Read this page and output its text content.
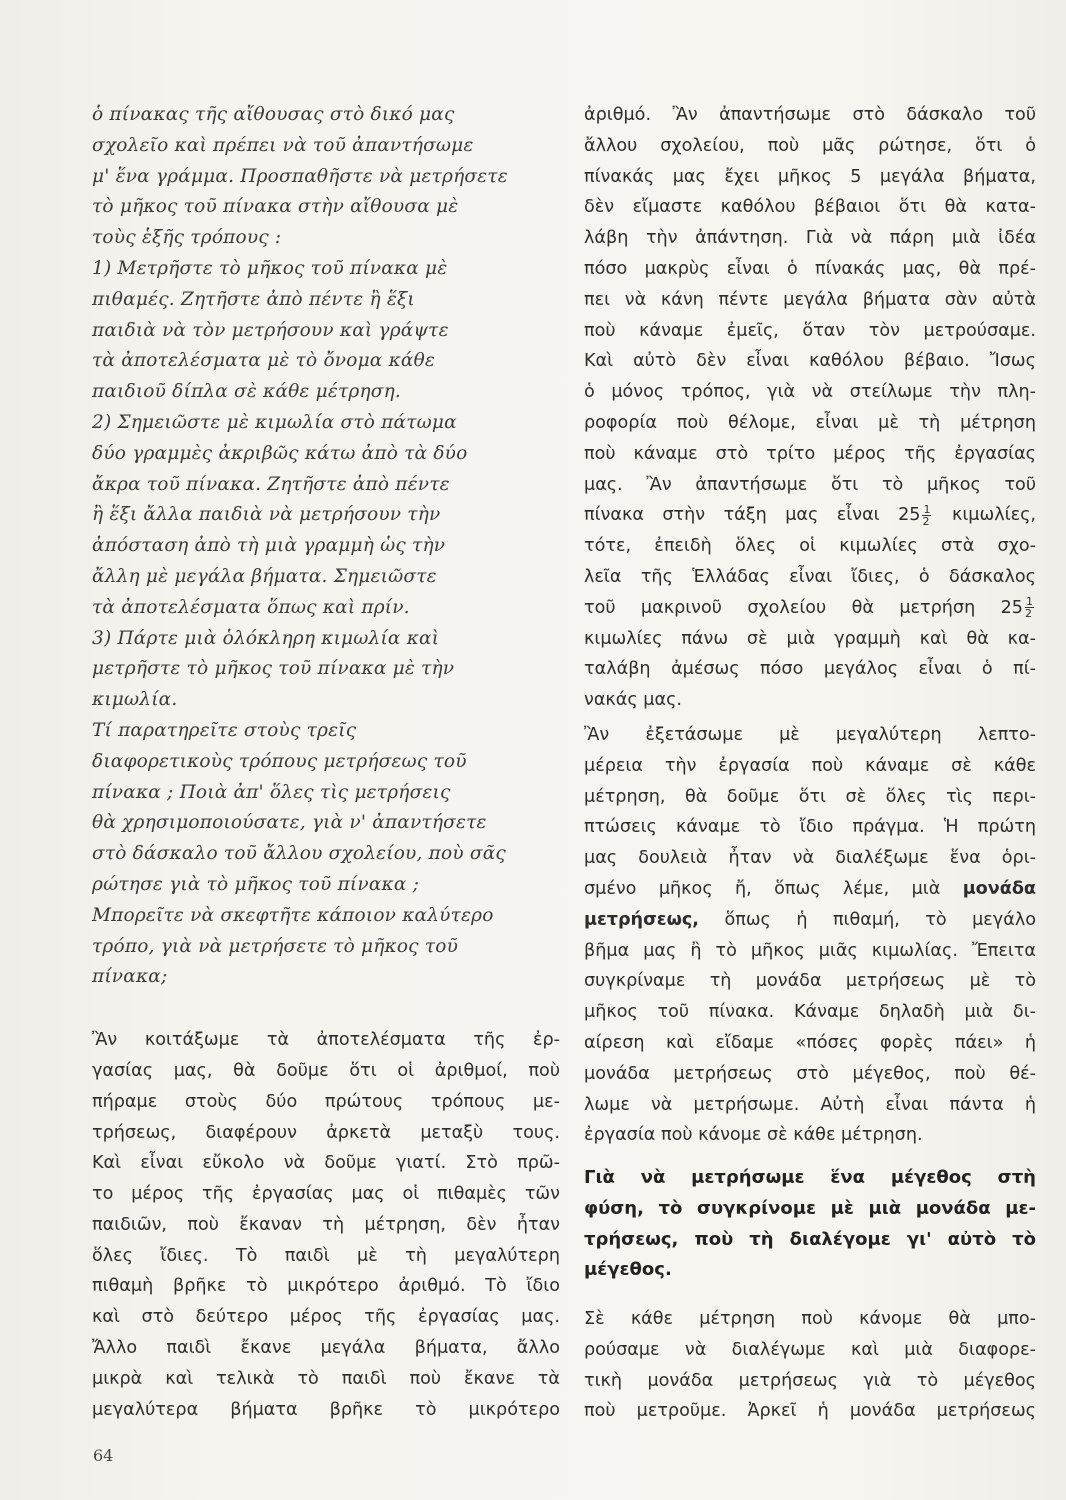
ὁ πίνακας τῆς αἴθουσας στὸ δικό μας
σχολεῖο καὶ πρέπει νὰ τοῦ ἀπαντήσωμε
μ' ἕνα γράμμα. Προσπαθῆστε νὰ μετρήσετε
τὸ μῆκος τοῦ πίνακα στὴν αἴθουσα μὲ
τοὺς ἑξῆς τρόπους :
1) Μετρῆστε τὸ μῆκος τοῦ πίνακα μὲ
πιθαμές. Ζητῆστε ἀπὸ πέντε ἢ ἕξι
παιδιὰ νὰ τὸν μετρήσουν καὶ γράψτε
τὰ ἀποτελέσματα μὲ τὸ ὄνομα κάθε
παιδιοῦ δίπλα σὲ κάθε μέτρηση.
2) Σημειῶστε μὲ κιμωλία στὸ πάτωμα
δύο γραμμὲς ἀκριβῶς κάτω ἀπὸ τὰ δύο
ἄκρα τοῦ πίνακα. Ζητῆστε ἀπὸ πέντε
ἢ ἕξι ἄλλα παιδιὰ νὰ μετρήσουν τὴν
ἀπόσταση ἀπὸ τὴ μιὰ γραμμὴ ὡς τὴν
ἄλλη μὲ μεγάλα βήματα. Σημειῶστε
τὰ ἀποτελέσματα ὅπως καὶ πρίν.
3) Πάρτε μιὰ ὁλόκληρη κιμωλία καὶ
μετρῆστε τὸ μῆκος τοῦ πίνακα μὲ τὴν
κιμωλία.
Τί παρατηρεῖτε στοὺς τρεῖς
διαφορετικοὺς τρόπους μετρήσεως τοῦ
πίνακα ; Ποιὰ ἀπ' ὅλες τὶς μετρήσεις
θὰ χρησιμοποιούσατε, γιὰ ν' ἀπαντήσετε
στὸ δάσκαλο τοῦ ἄλλου σχολείου, ποὺ σᾶς
ρώτησε γιὰ τὸ μῆκος τοῦ πίνακα ;
Μπορεῖτε νὰ σκεφτῆτε κάποιον καλύτερο
τρόπο, γιὰ νὰ μετρήσετε τὸ μῆκος τοῦ
πίνακα;
Ἂν κοιτάξωμε τὰ ἀποτελέσματα τῆς ἐρ-
γασίας μας, θὰ δοῦμε ὅτι οἱ ἀριθμοί, ποὺ
πήραμε στοὺς δύο πρώτους τρόπους με-
τρήσεως, διαφέρουν ἀρκετὰ μεταξὺ τους.
Καὶ εἶναι εὔκολο νὰ δοῦμε γιατί. Στὸ πρῶ-
το μέρος τῆς ἐργασίας μας οἱ πιθαμὲς τῶν
παιδιῶν, ποὺ ἔκαναν τὴ μέτρηση, δὲν ἦταν
ὅλες ἴδιες. Τὸ παιδὶ μὲ τὴ μεγαλύτερη
πιθαμὴ βρῆκε τὸ μικρότερο ἀριθμό. Τὸ ἴδιο
καὶ στὸ δεύτερο μέρος τῆς ἐργασίας μας.
Ἄλλο παιδὶ ἔκανε μεγάλα βήματα, ἄλλο
μικρὰ καὶ τελικὰ τὸ παιδὶ ποὺ ἔκανε τὰ
μεγαλύτερα βήματα βρῆκε τὸ μικρότερο
ἀριθμό. Ἂν ἀπαντήσωμε στὸ δάσκαλο τοῦ
ἄλλου σχολείου, ποὺ μᾶς ρώτησε, ὅτι ὁ
πίνακάς μας ἔχει μῆκος 5 μεγάλα βήματα,
δὲν εἴμαστε καθόλου βέβαιοι ὅτι θὰ κατα-
λάβη τὴν ἀπάντηση. Γιὰ νὰ πάρη μιὰ ἰδέα
πόσο μακρὺς εἶναι ὁ πίνακάς μας, θὰ πρέ-
πει νὰ κάνη πέντε μεγάλα βήματα σὰν αὐτὰ
ποὺ κάναμε ἐμεῖς, ὅταν τὸν μετρούσαμε.
Καὶ αὐτὸ δὲν εἶναι καθόλου βέβαιο. Ἴσως
ὁ μόνος τρόπος, γιὰ νὰ στείλωμε τὴν πλη-
ροφορία ποὺ θέλομε, εἶναι μὲ τὴ μέτρηση
ποὺ κάναμε στὸ τρίτο μέρος τῆς ἐργασίας
μας. Ἂν ἀπαντήσωμε ὅτι τὸ μῆκος τοῦ
πίνακα στὴν τάξη μας εἶναι $25 \frac{1}{2} \kappa\iota\mu\omega\lambda ί\varepsilon\varsigma$,
τότε, ἐπειδὴ ὅλες οἱ κιμωλίες στὰ σχο-
λεῖα τῆς Ἑλλάδας εἶναι ἴδιες, ὁ δάσκαλος
τοῦ μακρινοῦ σχολείου θὰ μετρήση $25 \frac{1}{2}$
κιμωλίες πάνω σὲ μιὰ γραμμὴ καὶ θὰ κα-
ταλάβη ἀμέσως πόσο μεγάλος εἶναι ὁ πί-
νακάς μας.
Ἂν ἐξετάσωμε μὲ μεγαλύτερη λεπτο-
μέρεια τὴν ἐργασία ποὺ κάναμε σὲ κάθε
μέτρηση, θὰ δοῦμε ὅτι σὲ ὅλες τὶς περι-
πτώσεις κάναμε τὸ ἴδιο πράγμα. Ἡ πρώτη
μας δουλειὰ ἦταν νὰ διαλέξωμε ἕνα ὁρι-
σμένο μῆκος ἤ, ὅπως λέμε, μιὰ μονάδα
μετρήσεως, ὅπως ἡ πιθαμή, τὸ μεγάλο
βῆμα μας ἢ τὸ μῆκος μιᾶς κιμωλίας. Ἔπειτα
συγκρίναμε τὴ μονάδα μετρήσεως μὲ τὸ
μῆκος τοῦ πίνακα. Κάναμε δηλαδὴ μιὰ δι-
αίρεση καὶ εἴδαμε «πόσες φορὲς πάει» ἡ
μονάδα μετρήσεως στὸ μέγεθος, ποὺ θέ-
λωμε νὰ μετρήσωμε. Αὐτὴ εἶναι πάντα ἡ
ἐργασία ποὺ κάνομε σὲ κάθε μέτρηση.
Γιὰ νὰ μετρήσωμε ἕνα μέγεθος στὴ
φύση, τὸ συγκρίνομε μὲ μιὰ μονάδα με-
τρήσεως, ποὺ τὴ διαλέγομε γι' αὐτὸ τὸ
μέγεθος.
Σὲ κάθε μέτρηση ποὺ κάνομε θὰ μπο-
ρούσαμε νὰ διαλέγωμε καὶ μιὰ διαφορε-
τικὴ μονάδα μετρήσεως γιὰ τὸ μέγεθος
ποὺ μετροῦμε. Ἀρκεῖ ἡ μονάδα μετρήσεως
64
